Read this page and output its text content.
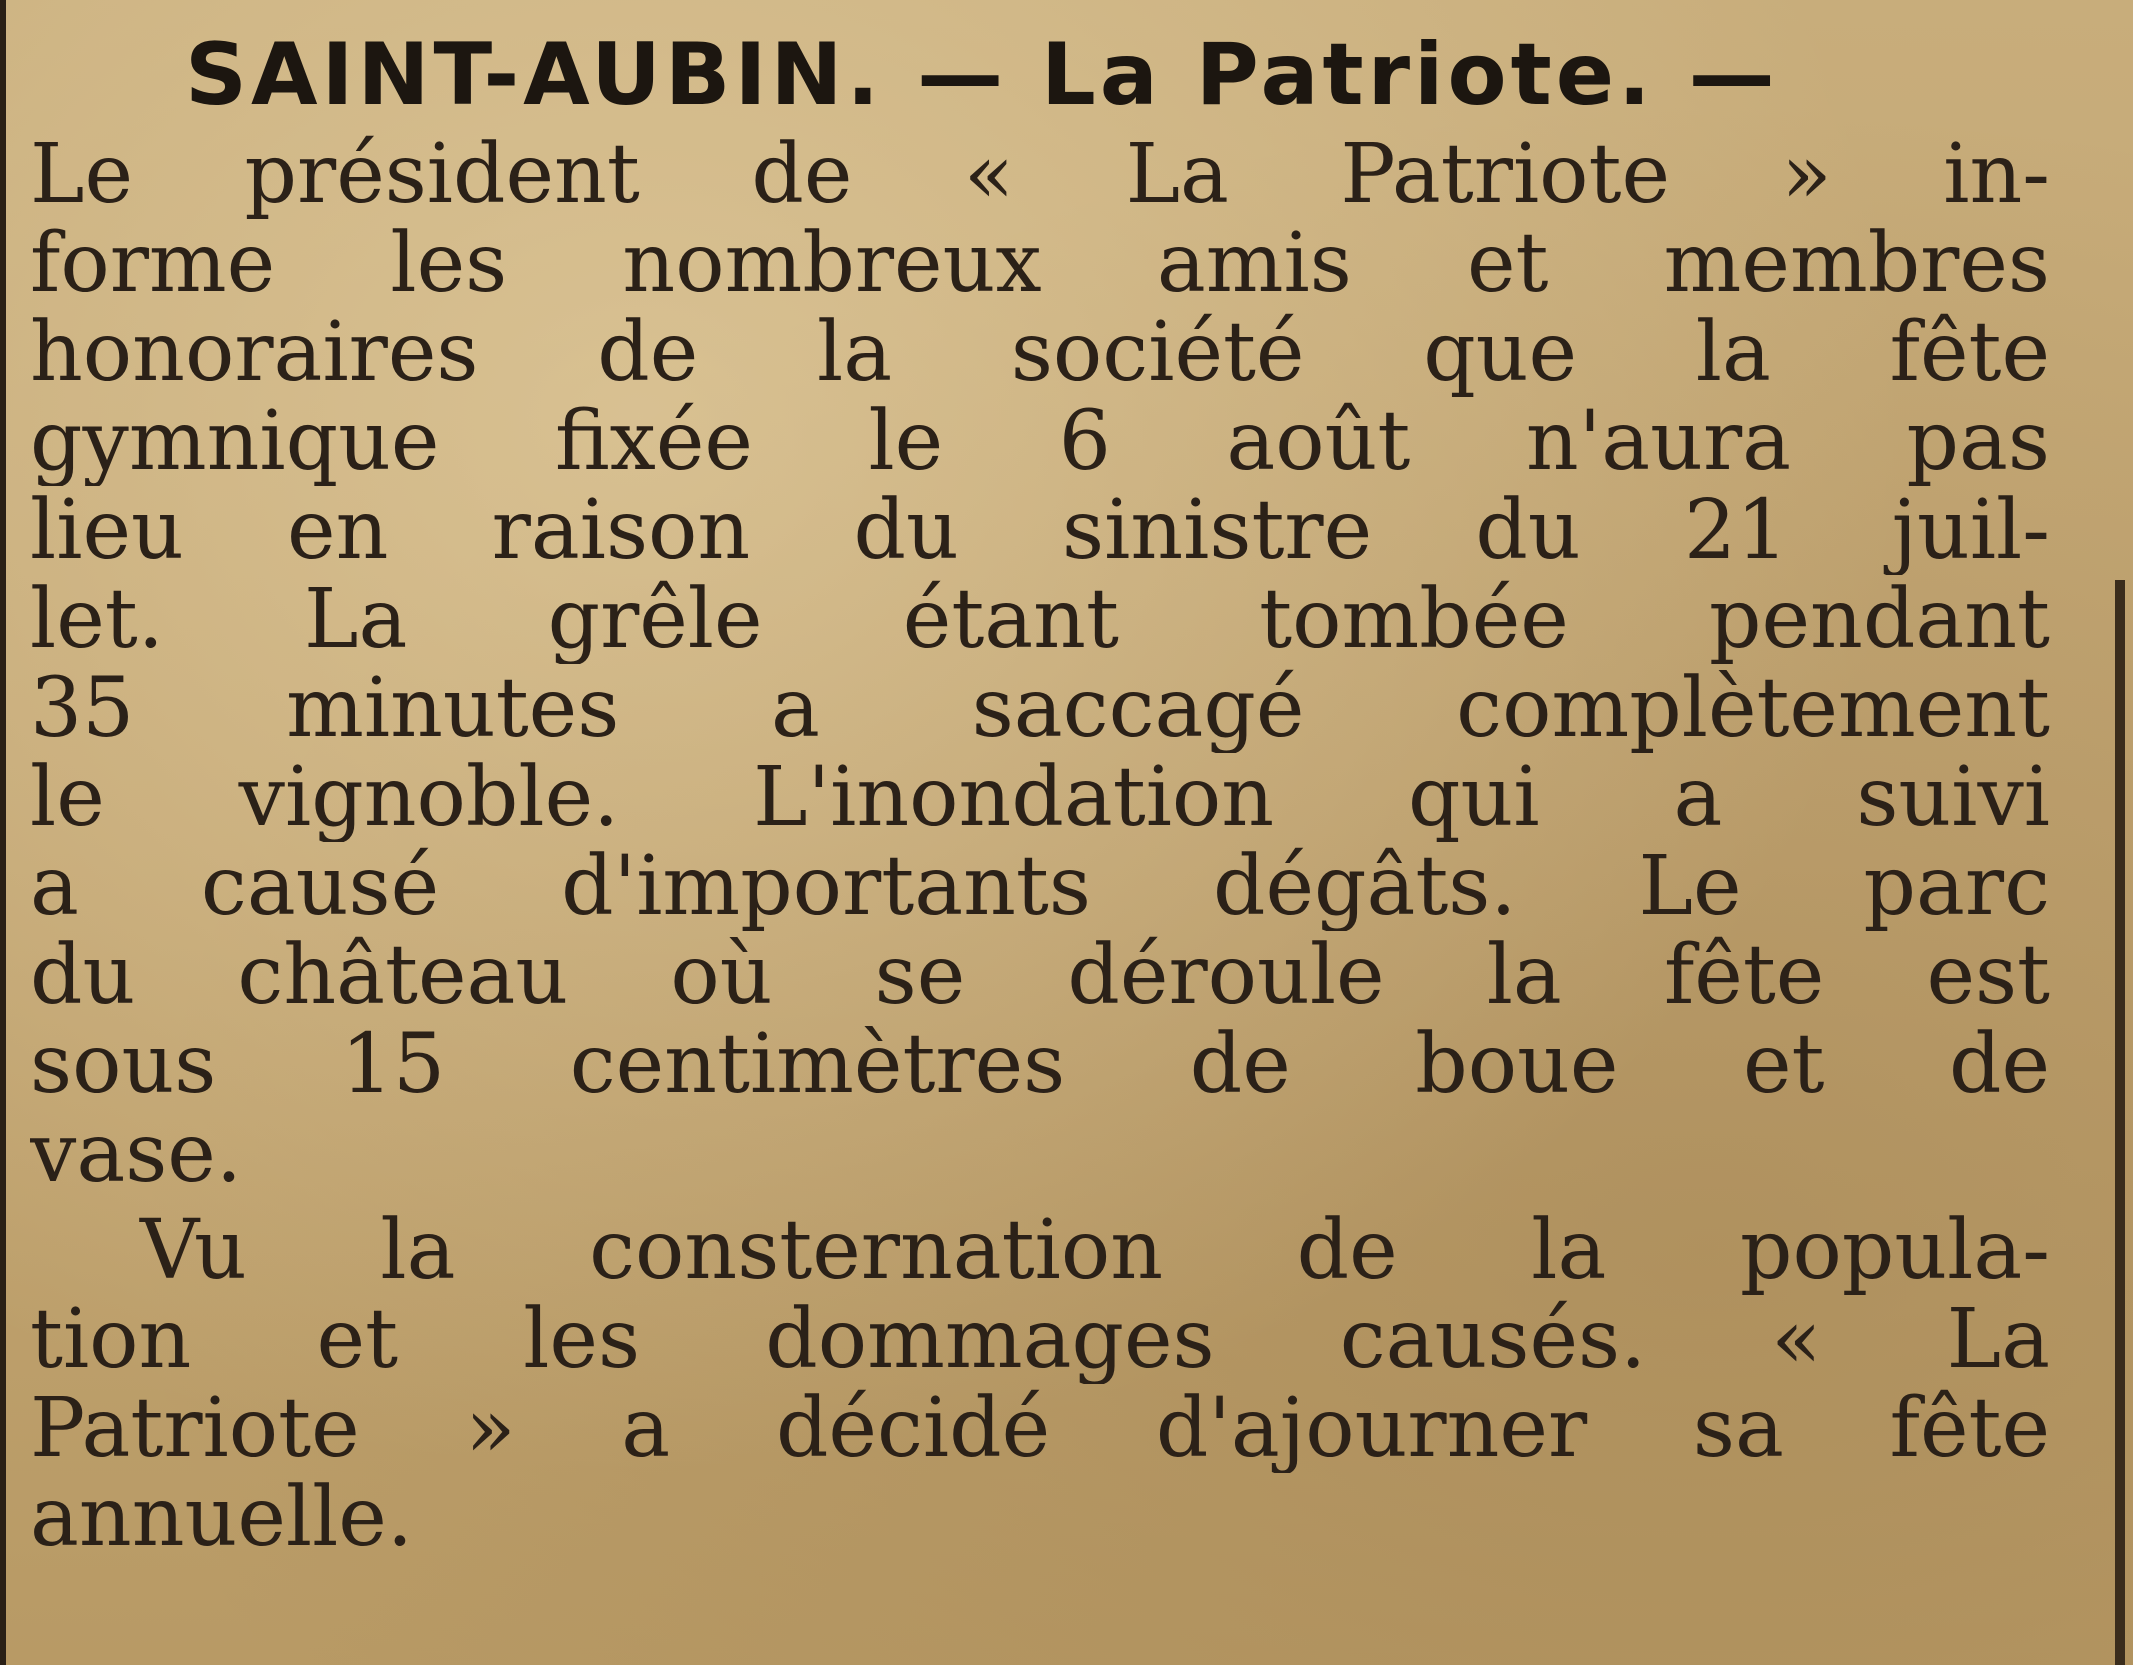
SAINT-AUBIN. — La Patriote. —
Le président de « La Patriote » in-
forme les nombreux amis et membres
honoraires de la société que la fête
gymnique fixée le 6 août n'aura pas
lieu en raison du sinistre du 21 juil-
let. La grêle étant tombée pendant
35 minutes a saccagé complètement
le vignoble. L'inondation qui a suivi
a causé d'importants dégâts. Le parc
du château où se déroule la fête est
sous 15 centimètres de boue et de
vase.
Vu la consternation de la popula-
tion et les dommages causés. « La
Patriote » a décidé d'ajourner sa fête
annuelle.
